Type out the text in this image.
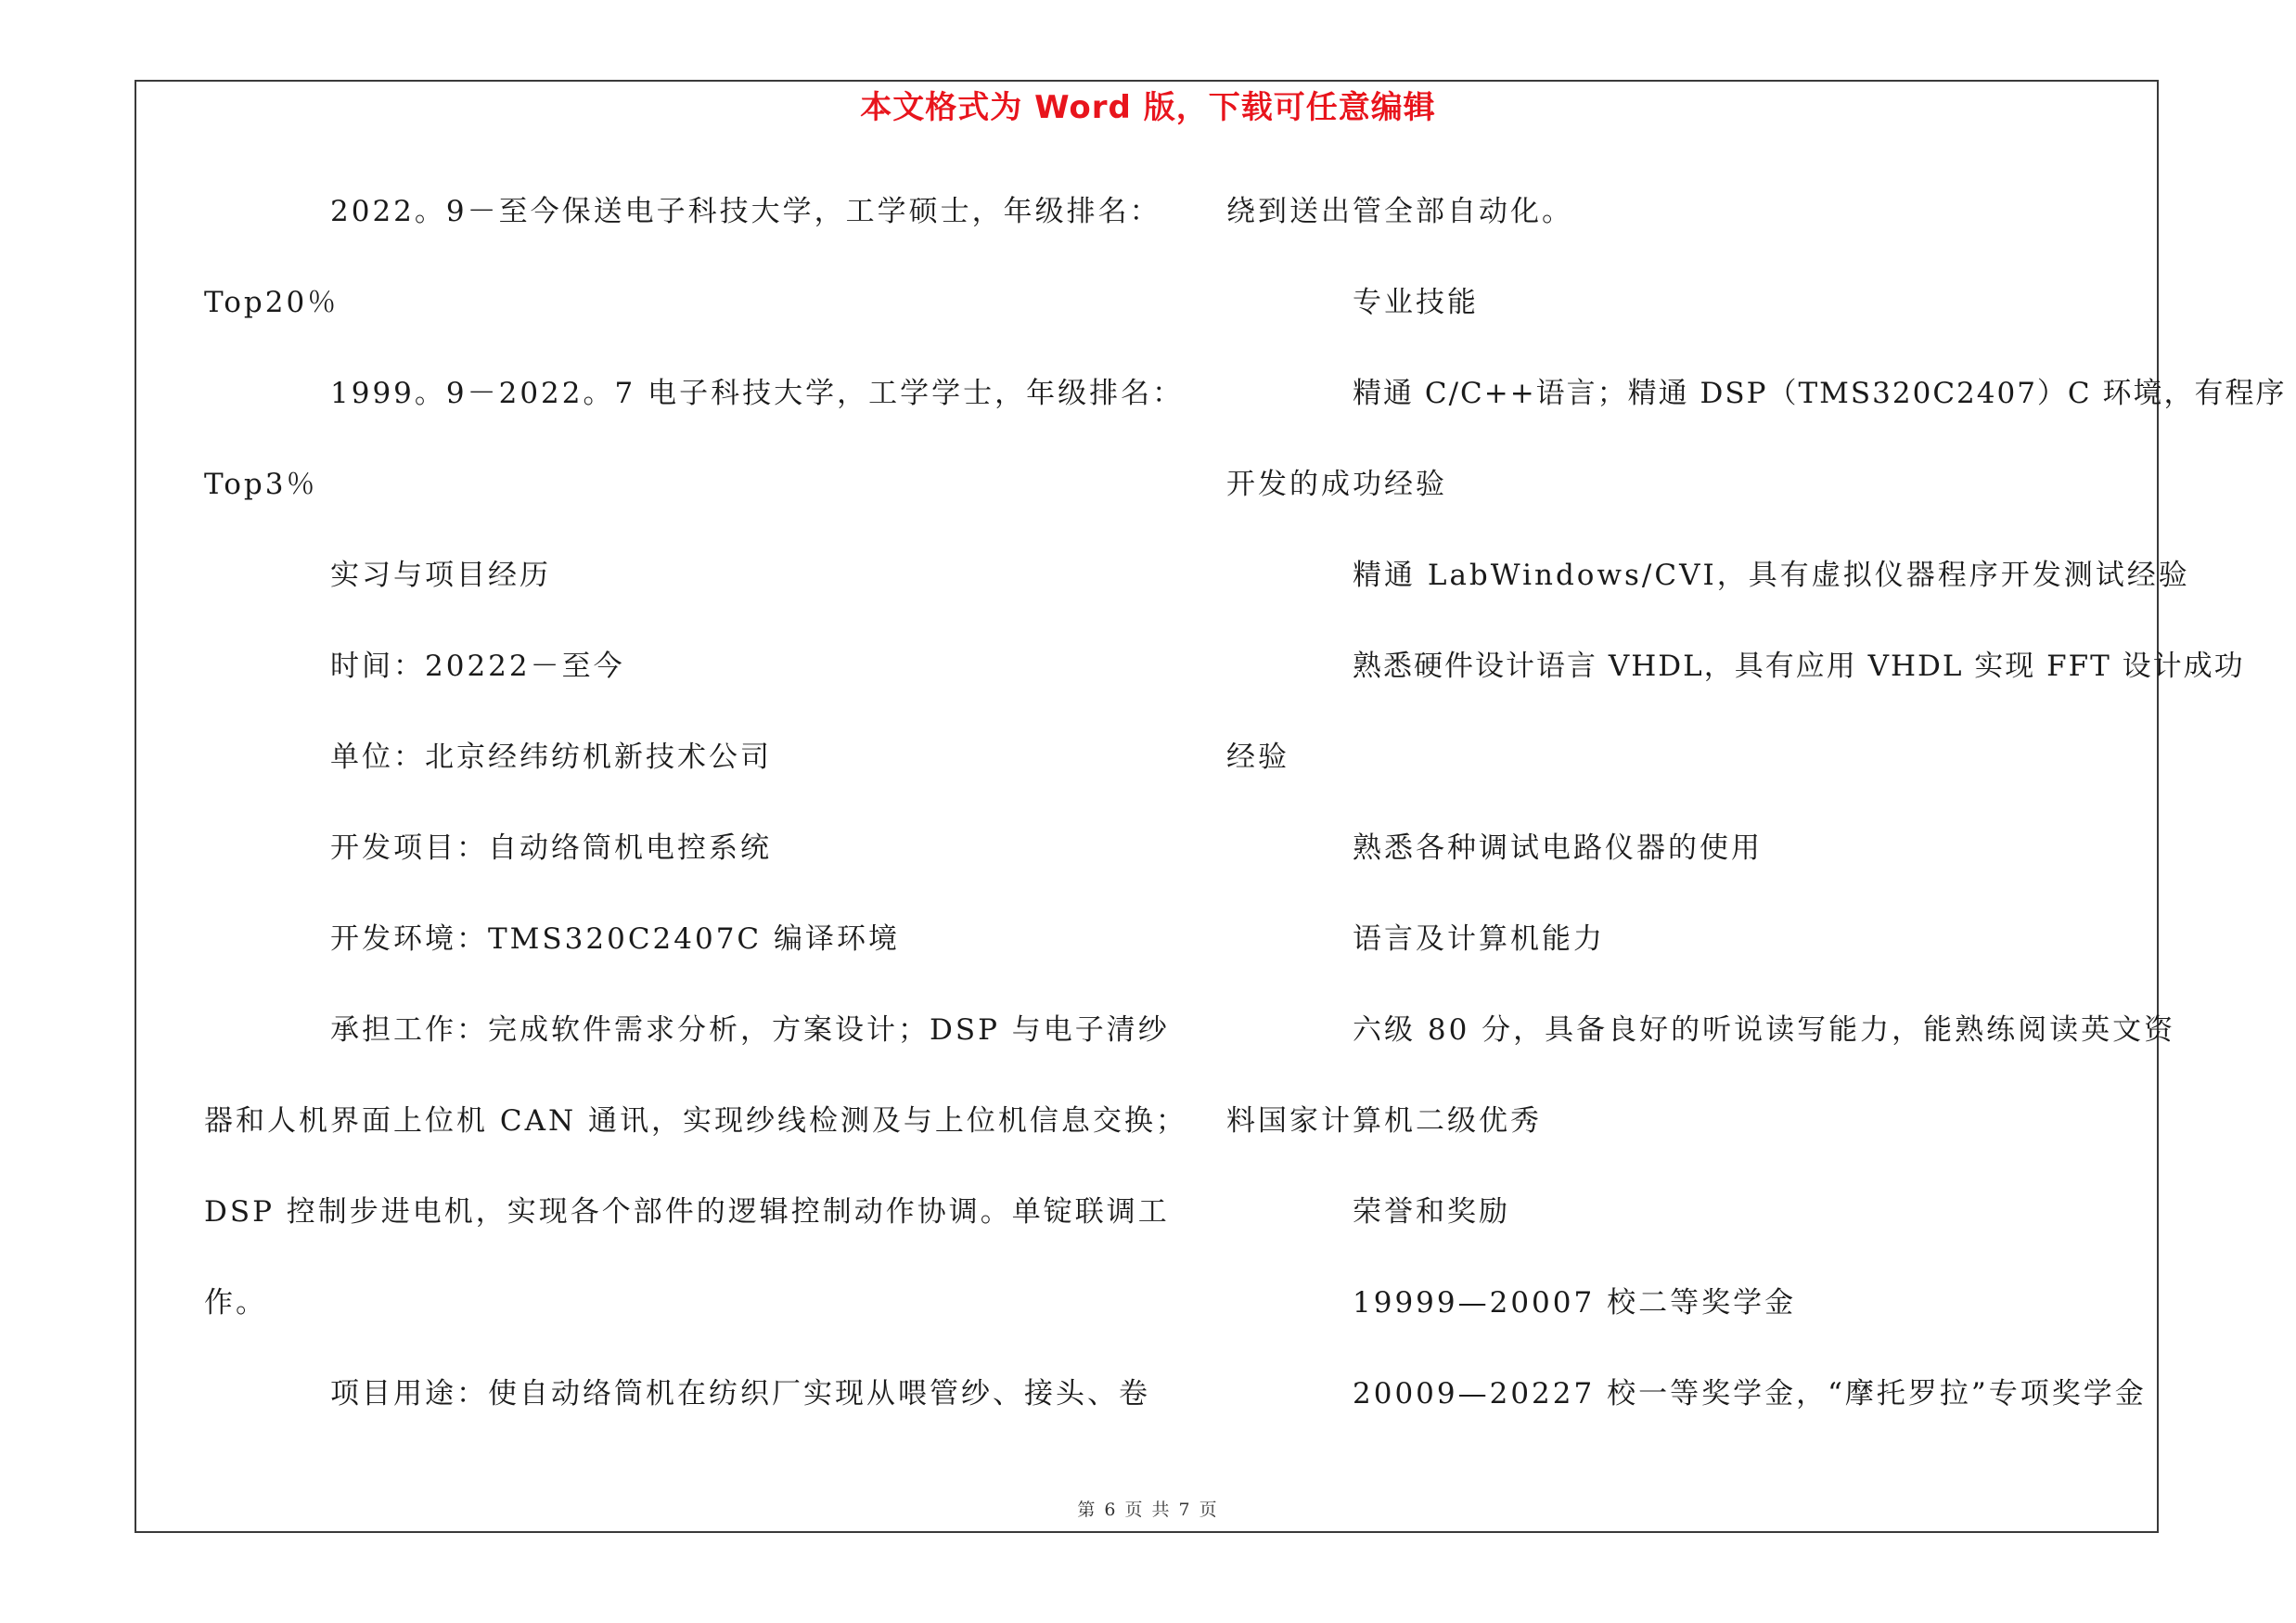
本文格式为 Word 版，下载可任意编辑
2022。9－至今保送电子科技大学，工学硕士，年级排名：
Top20％
1999。9－2022。7 电子科技大学，工学学士，年级排名：
Top3％
实习与项目经历
时间：20222－至今
单位：北京经纬纺机新技术公司
开发项目：自动络筒机电控系统
开发环境：TMS320C2407C 编译环境
承担工作：完成软件需求分析，方案设计；DSP 与电子清纱
器和人机界面上位机 CAN 通讯，实现纱线检测及与上位机信息交换；
DSP 控制步进电机，实现各个部件的逻辑控制动作协调。单锭联调工
作。
项目用途：使自动络筒机在纺织厂实现从喂管纱、接头、卷
绕到送出管全部自动化。
专业技能
精通 C/C++语言；精通 DSP（TMS320C2407）C 环境，有程序
开发的成功经验
精通 LabWindows/CVI，具有虚拟仪器程序开发测试经验
熟悉硬件设计语言 VHDL，具有应用 VHDL 实现 FFT 设计成功
经验
熟悉各种调试电路仪器的使用
语言及计算机能力
六级 80 分，具备良好的听说读写能力，能熟练阅读英文资
料国家计算机二级优秀
荣誉和奖励
19999—20007 校二等奖学金
20009—20227 校一等奖学金，“摩托罗拉”专项奖学金
第 6 页 共 7 页
